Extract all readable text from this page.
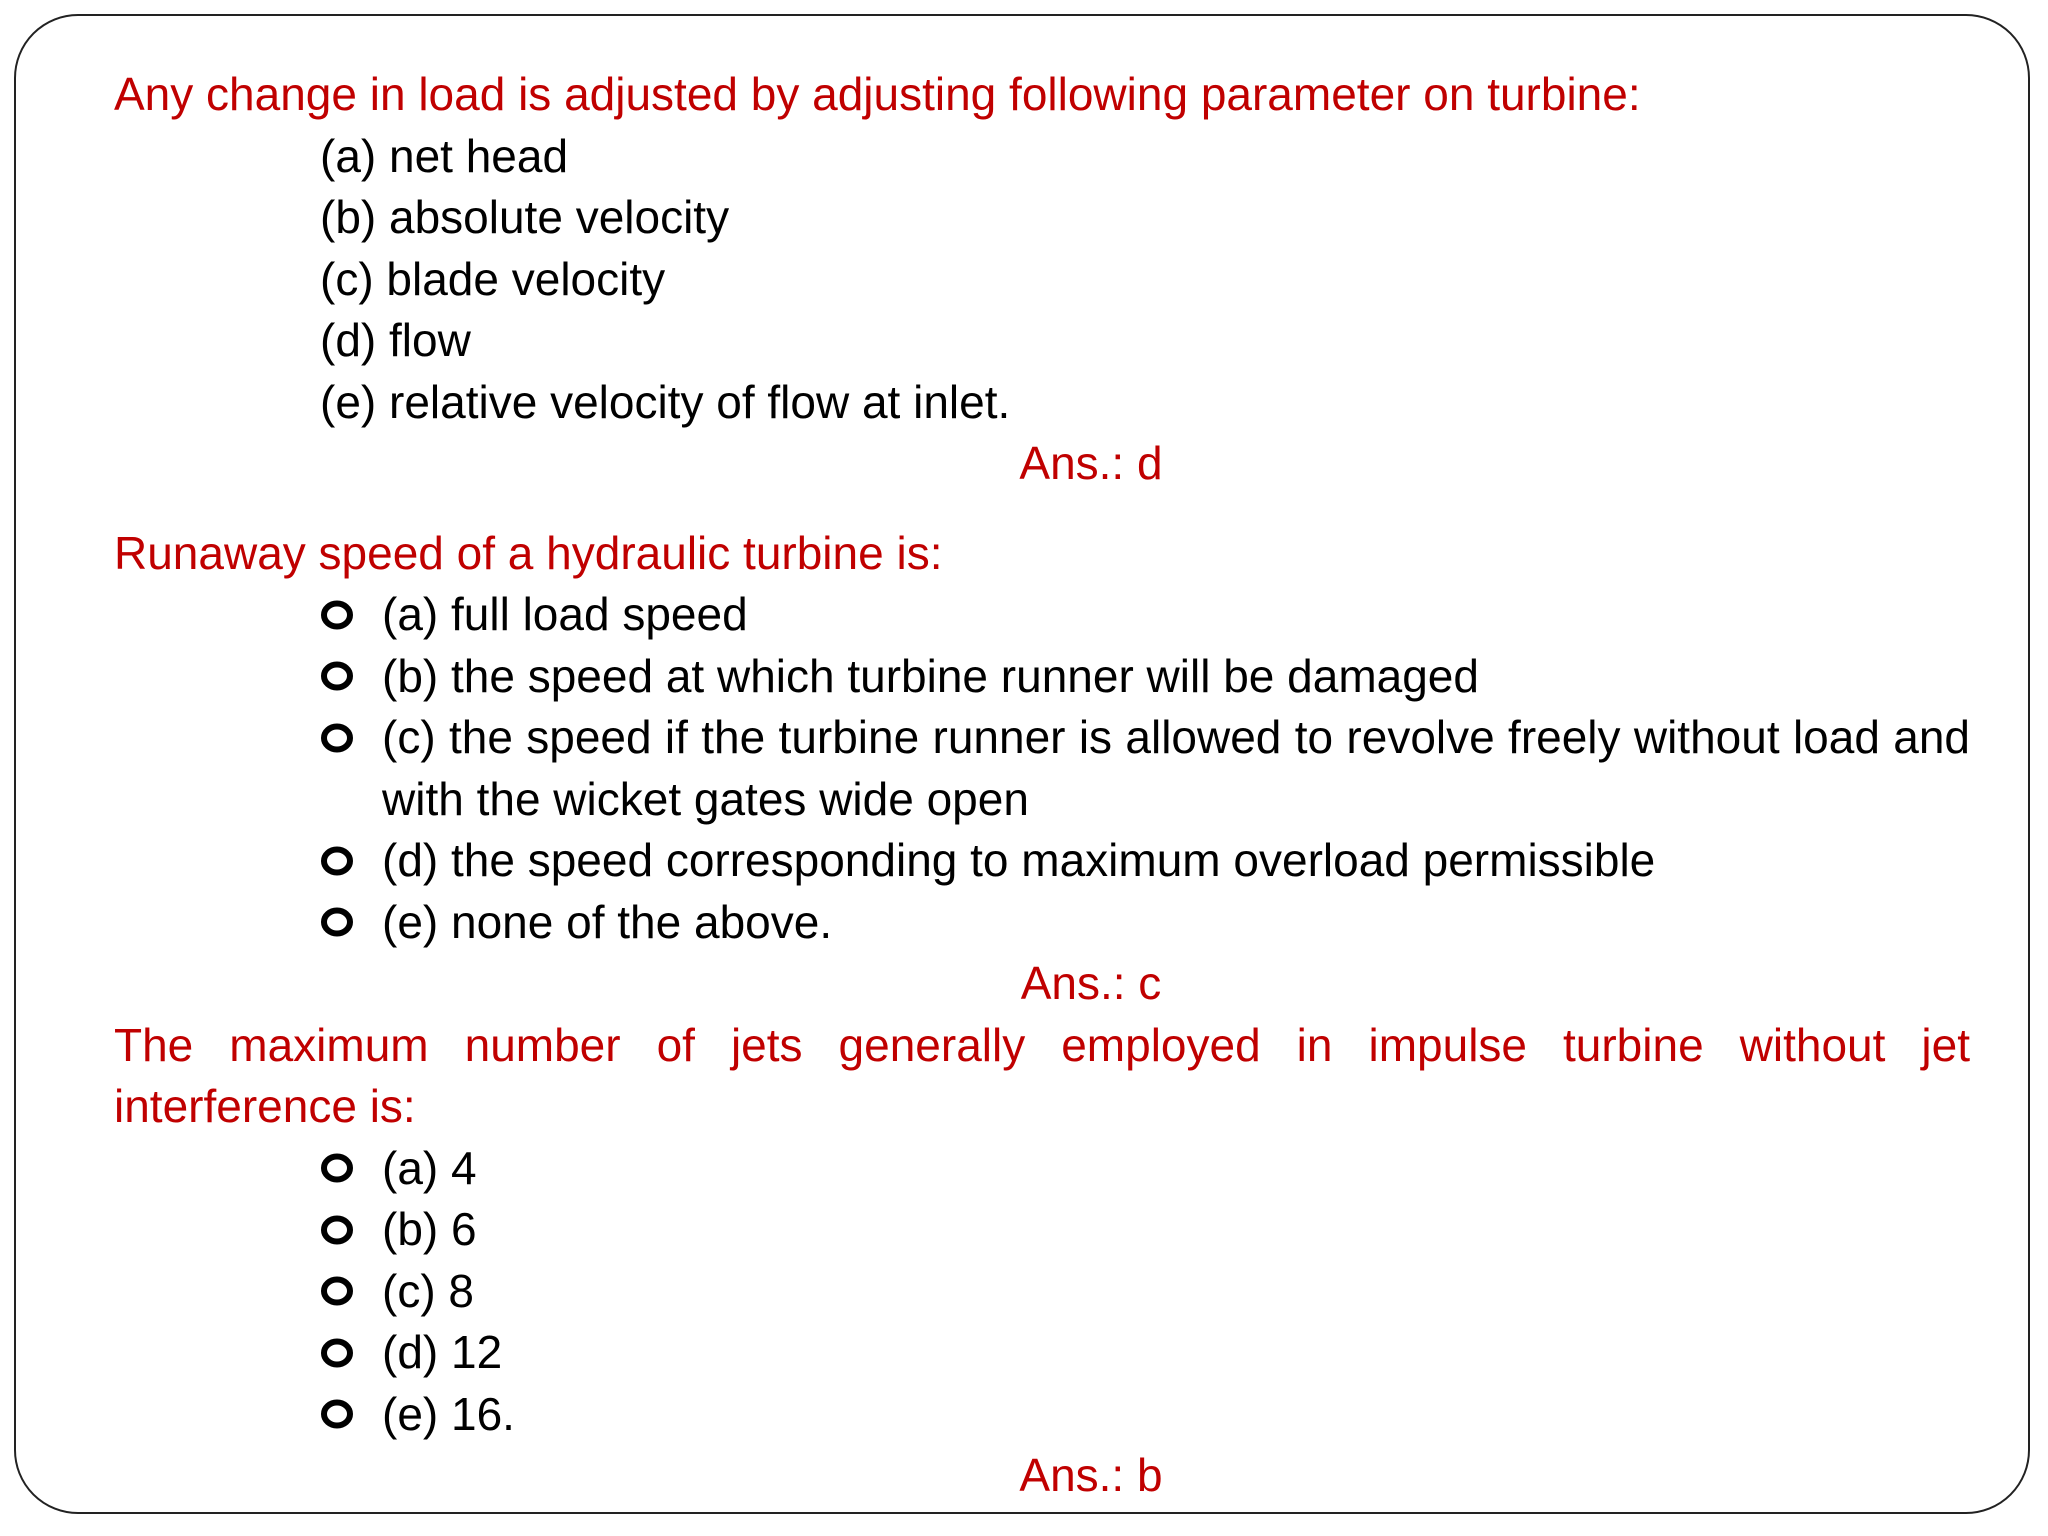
Any change in load is adjusted by adjusting following parameter on turbine:
(a) net head
(b) absolute velocity
(c) blade velocity
(d) flow
(e) relative velocity of flow at inlet.
Ans.: d
Runaway speed of a hydraulic turbine is:
(a) full load speed
(b) the speed at which turbine runner will be damaged
(c) the speed if the turbine runner is allowed to revolve freely without load and with the wicket gates wide open
(d) the speed corresponding to maximum overload permissible
(e) none of the above.
Ans.: c
The maximum number of jets generally employed in impulse turbine without jet interference is:
(a) 4
(b) 6
(c) 8
(d) 12
(e) 16.
Ans.: b
